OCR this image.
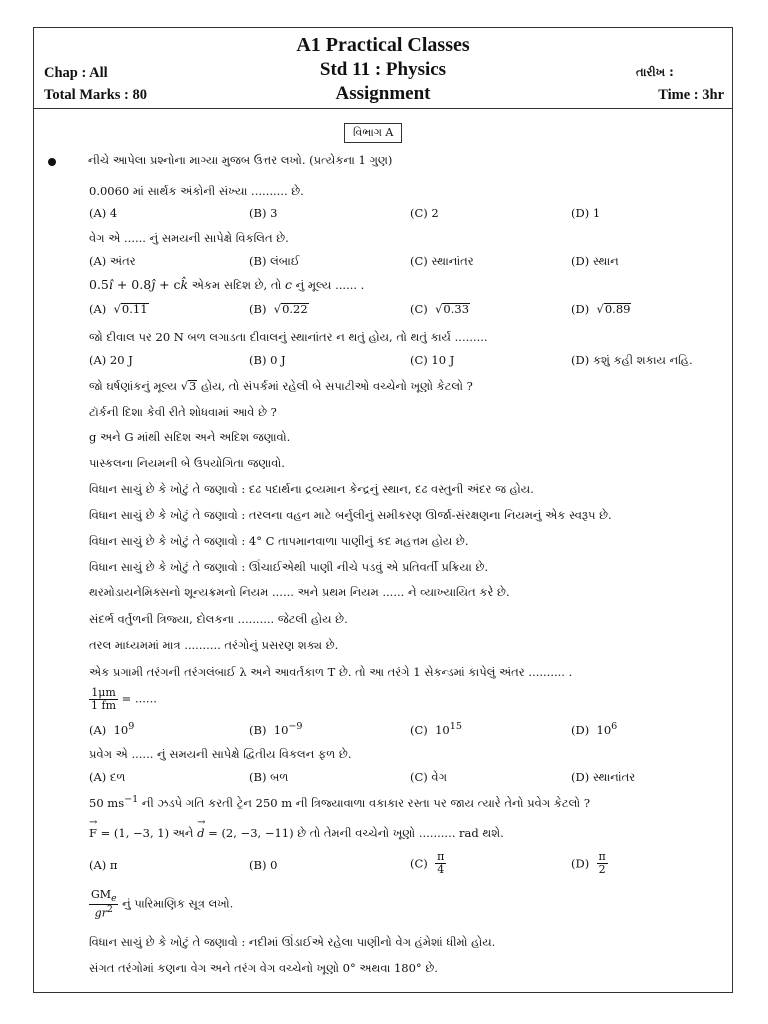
A1 Practical Classes
Std 11 : Physics
Assignment
Chap : All
Total Marks : 80
તારીખ :
Time : 3hr
વિભાગ A
નીચે આપેલા પ્રશ્નોના માગ્યા મુજબ ઉત્તર લખો. (પ્રત્યેકના 1 ગુણ)
0.0060 માં સાર્થક અંકોની સંખ્યા .......... છે.
(A) 4	(B) 3	(C) 2	(D) 1
વેગ એ ...... નું સમયની સાપેક્ષે વિકલિત છે.
(A) અંતર	(B) લંબાઈ	(C) સ્થાનાંતર	(D) સ્થાન
0.5î + 0.8ĵ + ck̂ એકમ સદિશ છે, તો c નું મૂલ્ય ...... .
(A)  √0.11	(B)  √0.22	(C)  √0.33	(D)  √0.89
જો દીવાલ પર 20 N બળ લગાડતા દીવાલનું સ્થાનાંતર ન થતું હોય, તો થતું કાર્ય .........
(A) 20 J	(B) 0 J	(C) 10 J	(D) કશું કહી શકાય નહિ.
જો ઘર્ષણાંકનું મૂલ્ય √3 હોય, તો સંપર્કમાં રહેલી બે સપાટીઓ વચ્ચેનો ખૂણો કેટલો ?
ટૉર્કની દિશા કેવી રીતે શોધવામાં આવે છે ?
g અને G માંથી સદિશ અને અદિશ જણાવો.
પાસ્કલના નિયમની બે ઉપયોગિતા જણાવો.
વિધાન સાચું છે કે ખોટું તે જણાવો : દઢ પદાર્થના દ્રવ્યમાન કેન્દ્રનું સ્થાન, દઢ વસ્તુની અંદર જ હોય.
વિધાન સાચું છે કે ખોટું તે જણાવો : તરલના વહન માટે બર્નુલીનું સમીકરણ ઊર્જા-સંરક્ષણના નિયમનું એક સ્વરૂપ છે.
વિધાન સાચું છે કે ખોટું તે જણાવો : 4° C તાપમાનવાળા પાણીનું કદ મહત્તમ હોય છે.
વિધાન સાચું છે કે ખોટું તે જણાવો : ઊંચાઈએથી પાણી નીચે પડવું એ પ્રતિવર્તી પ્રક્રિયા છે.
થરમોડાયનેમિક્સનો શૂન્યક્રમનો નિયમ ...... અને પ્રથમ નિયમ ...... ને વ્યાખ્યાયિત કરે છે.
સંદર્ભ વર્તુળની ત્રિજ્યા, દોલકના .......... જેટલી હોય છે.
તરલ માધ્યમમાં માત્ર .......... તરંગોનું પ્રસરણ શક્ય છે.
એક પ્રગામી તરંગની તરંગલંબાઈ λ અને આવર્તકાળ T છે. તો આ તરંગે 1 સેકન્ડમાં કાપેલું અંતર .......... .
$\frac{1\mu m}{1 fm}$ = ......
(A) $10^9$	(B) $10^{-9}$	(C) $10^{15}$	(D) $10^6$
પ્રવેગ એ ...... નું સમયની સાપેક્ષે દ્વિતીય વિકલન ફળ છે.
(A) દળ	(B) બળ	(C) વેગ	(D) સ્થાનાંતર
50 $ms^{-1}$ ની ઝડપે ગતિ કરતી ટ્રેન 250 m ની ત્રિજ્યાવાળા વકાકાર રસ્તા પર જાય ત્યારે તેનો પ્રવેગ કેટલો ?
→
F = (1, −3, 1) અને
→
d = (2, −3, −11) છે તો તેમની વચ્ચેનો ખૂણો .......... rad થશે.
(A) π	(B) 0	$(C) \frac{\pi}{4}$	$(D) \frac{\pi}{2}$
$\frac{GM_e}{gr^2}$ નું પારિમાણિક સૂત્ર લખો.
વિધાન સાચું છે કે ખોટું તે જણાવો : નદીમાં ઊંડાઈએ રહેલા પાણીનો વેગ હંમેશાં ધીમો હોય.
સંગત તરંગોમાં કણના વેગ અને તરંગ વેગ વચ્ચેનો ખૂણો 0° અથવા 180° છે.
